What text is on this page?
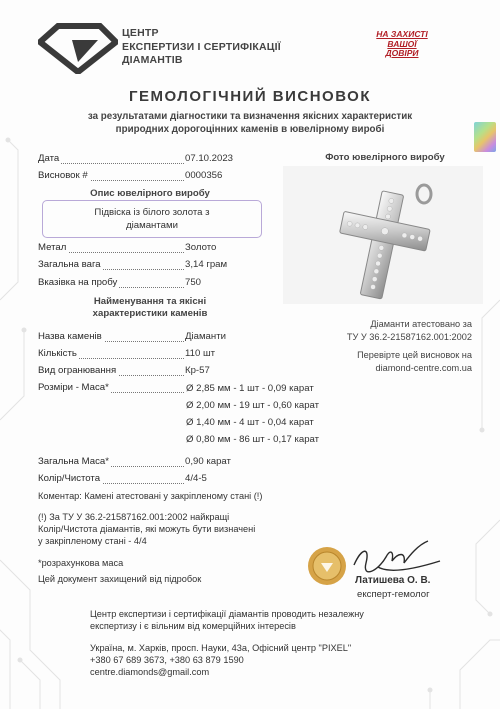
ЦЕНТР
ЕКСПЕРТИЗИ І СЕРТИФІКАЦІЇ
ДІАМАНТІВ
НА ЗАХИСТІ
ВАШОЇ
ДОВІРИ
ГЕМОЛОГІЧНИЙ ВИСНОВОК
за результатами діагностики та визначення якісних характеристик
природних дорогоцінних каменів в ювелірному виробі
Дата	07.10.2023
Висновок #	0000356
Опис ювелірного виробу
Підвіска із білого золота з
діамантами
Метал	Золото
Загальна вага	3,14 грам
Вказівка на пробу	750
Найменування та якісні
характеристики каменів
Назва каменів	Діаманти
Кількість	110 шт
Вид огранювання	Кр-57
Розміри - Маса*	Ø 2,85 мм - 1 шт - 0,09 карат
Ø 2,00 мм - 19 шт - 0,60 карат
Ø 1,40 мм - 4 шт - 0,04 карат
Ø 0,80 мм - 86 шт - 0,17 карат
Загальна Маса*	0,90 карат
Колір/Чистота	4/4-5
Фото ювелірного виробу
Діаманти атестовано за
ТУ У 36.2-21587162.001:2002
Перевірте цей висновок на
diamond-centre.com.ua
Коментар: Камені атестовані у закріпленому стані (!)
(!) За ТУ У 36.2-21587162.001:2002 найкращі
Колір/Чистота діамантів, які можуть бути визначені
у закріпленому стані - 4/4
*розрахункова маса
Цей документ захищений від підробок	Латишева О. В.
експерт-гемолог
Центр експертизи і сертифікації діамантів проводить незалежну
експертизу і є вільним від комерційних інтересів
Україна, м. Харків, просп. Науки, 43а, Офісний центр "PIXEL"
+380 67 689 3673, +380 63 879 1590
centre.diamonds@gmail.com
